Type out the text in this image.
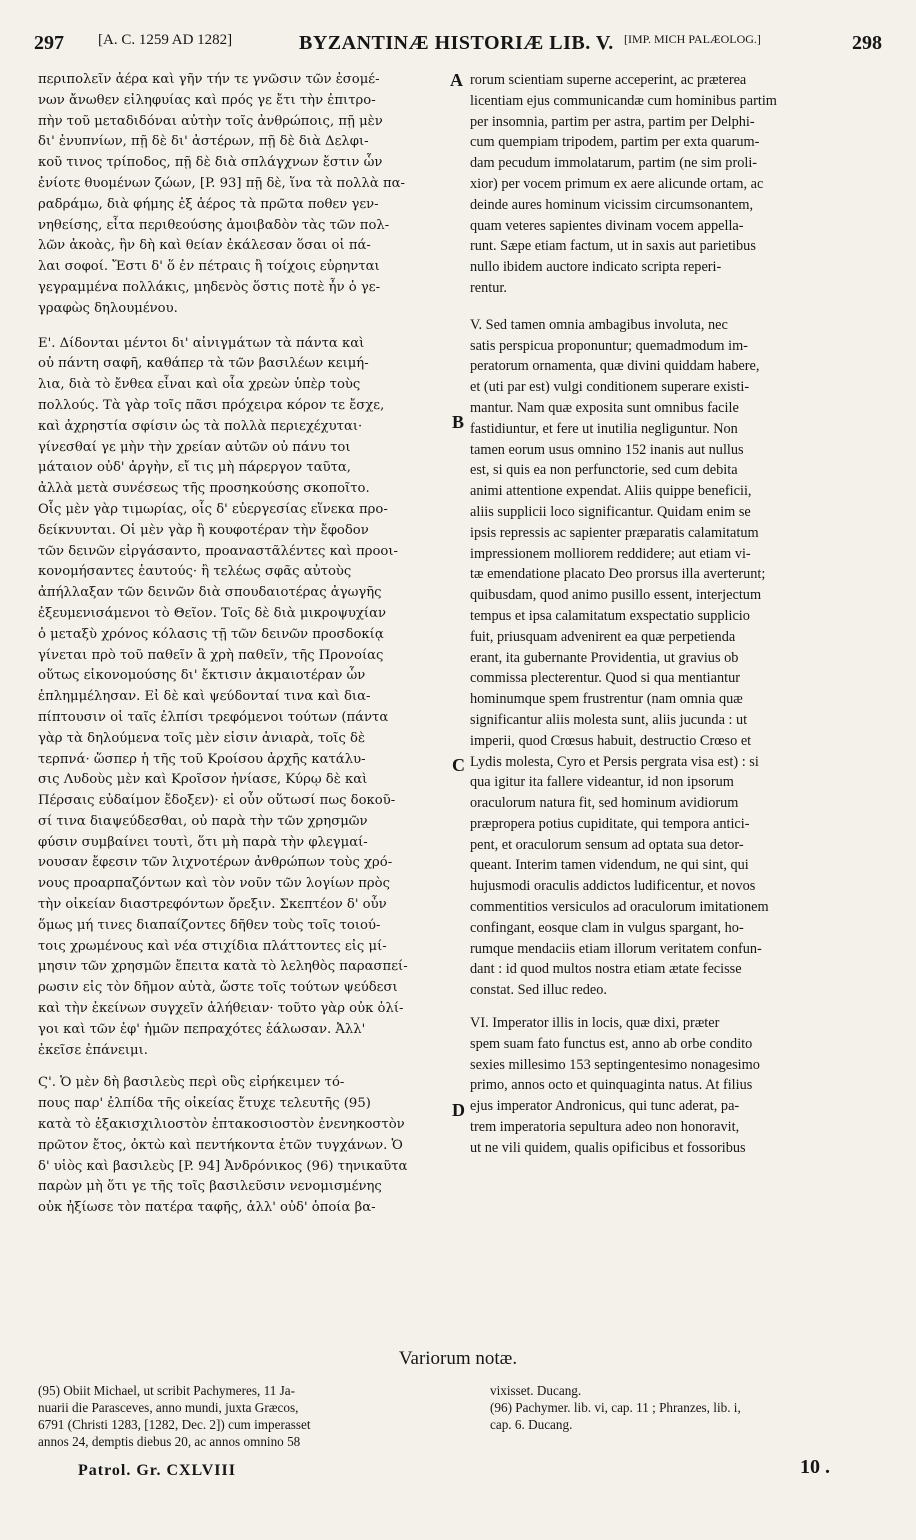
297 [A. C. 1259 AD 1282]	BYZANTINÆ HISTORIÆ LIB. V. [IMP. MICH PALÆOLOG.]	298

περιπολεῖν ἀέρα καὶ γῆν τήν τε γνῶσιν τῶν ἐσομέ-
νων ἄνωθεν εἰληφυίας καὶ πρός γε ἔτι τὴν ἐπιτρο-
πὴν τοῦ μεταδιδόναι αὐτὴν τοῖς ἀνθρώποις, πῇ μὲν
δι' ἐνυπνίων, πῇ δὲ δι' ἀστέρων, πῇ δὲ διὰ Δελφι-
κοῦ τινος τρίποδος, πῇ δὲ διὰ σπλάγχνων ἔστιν ὧν
ἐνίοτε θυομένων ζώων, [P. 93] πῇ δὲ, ἵνα τὰ πολλὰ πα-
ραδράμω, διὰ φήμης ἐξ ἀέρος τὰ πρῶτα ποθεν γεν-
νηθείσης, εἶτα περιθεούσης ἀμοιβαδὸν τὰς τῶν πολ-
λῶν ἀκοὰς, ἣν δὴ καὶ θείαν ἐκάλεσαν ὅσαι οἱ πά-
λαι σοφοί. Ἔστι δ' ὅ ἐν πέτραις ἢ τοίχοις εὑρηνται
γεγραμμένα πολλάκις, μηδενὸς ὅστις ποτὲ ἦν ὁ γε-
γραφὼς δηλουμένου.

Ε'. Δίδονται μέντοι δι' αἰνιγμάτων τὰ πάντα καὶ
οὐ πάντη σαφῆ, καθάπερ τὰ τῶν βασιλέων κειμή-
λια, διὰ τὸ ἔνθεα εἶναι καὶ οἷα χρεὼν ὑπὲρ τοὺς
πολλούς. Τὰ γὰρ τοῖς πᾶσι πρόχειρα κόρον τε ἔσχε,
καὶ ἀχρηστία σφίσιν ὡς τὰ πολλὰ περιεχέχυται·
γίνεσθαί γε μὴν τὴν χρείαν αὐτῶν οὐ πάνυ τοι
μάταιον οὐδ' ἀργὴν, εἴ τις μὴ πάρεργον ταῦτα,
ἀλλὰ μετὰ συνέσεως τῆς προσηκούσης σκοποῖτο.
Οἷς μὲν γὰρ τιμωρίας, οἷς δ' εὐεργεσίας εἵνεκα προ-
δείκνυνται. Οἱ μὲν γὰρ ἢ κουφοτέραν τὴν ἔφοδον
τῶν δεινῶν εἰργάσαντο, προαναστᾶλέντες καὶ προοι-
κονομήσαντες ἑαυτούς· ἢ τελέως σφᾶς αὐτοὺς
ἀπήλλαξαν τῶν δεινῶν διὰ σπουδαιοτέρας ἀγωγῆς
ἐξευμενισάμενοι τὸ Θεῖον. Τοῖς δὲ διὰ μικροψυχίαν
ὁ μεταξὺ χρόνος κόλασις τῇ τῶν δεινῶν προσδοκίᾳ
γίνεται πρὸ τοῦ παθεῖν ἃ χρὴ παθεῖν, τῆς Προνοίας
οὕτως εἰκονομούσης δι' ἔκτισιν ἀκμαιοτέραν ὧν
ἐπλημμέλησαν. Εἰ δὲ καὶ ψεύδονταί τινα καὶ δια-
πίπτουσιν οἱ ταῖς ἐλπίσι τρεφόμενοι τούτων (πάντα
γὰρ τὰ δηλούμενα τοῖς μὲν εἰσιν ἀνιαρὰ, τοῖς δὲ
τερπνά· ὥσπερ ἡ τῆς τοῦ Κροίσου ἀρχῆς κατάλυ-
σις Λυδοὺς μὲν καὶ Κροῖσον ἠνίασε, Κύρῳ δὲ καὶ
Πέρσαις εὐδαίμον ἔδοξεν)· εἰ οὖν οὕτωσί πως δοκοῦ-
σί τινα διαψεύδεσθαι, οὐ παρὰ τὴν τῶν χρησμῶν
φύσιν συμβαίνει τουτὶ, ὅτι μὴ παρὰ τὴν φλεγμαί-
νουσαν ἔφεσιν τῶν λιχνοτέρων ἀνθρώπων τοὺς χρό-
νους προαρπαζόντων καὶ τὸν νοῦν τῶν λογίων πρὸς
τὴν οἰκείαν διαστρεφόντων ὄρεξιν. Σκεπτέον δ' οὖν
ὅμως μή τινες διαπαίζοντες δῆθεν τοὺς τοῖς τοιού-
τοις χρωμένους καὶ νέα στιχίδια πλάττοντες εἰς μί-
μησιν τῶν χρησμῶν ἔπειτα κατὰ τὸ λεληθὸς παρασπεί-
ρωσιν εἰς τὸν δῆμον αὐτὰ, ὥστε τοῖς τούτων ψεύδεσι
καὶ τὴν ἐκείνων συγχεῖν ἀλήθειαν· τοῦτο γὰρ οὐκ ὀλί-
γοι καὶ τῶν ἐφ' ἡμῶν πεπραχότες ἑάλωσαν. Ἀλλ'
ἐκεῖσε ἐπάνειμι.

Ϛ'. Ὁ μὲν δὴ βασιλεὺς περὶ οὓς εἰρήκειμεν τό-
πους παρ' ἐλπίδα τῆς οἰκείας ἔτυχε τελευτῆς (95)
κατὰ τὸ ἑξακισχιλιοστὸν ἑπτακοσιοστὸν ἐνενηκοστὸν
πρῶτον ἔτος, ὀκτὼ καὶ πεντήκοντα ἐτῶν τυγχάνων. Ὁ
δ' υἱὸς καὶ βασιλεὺς [P. 94] Ἀνδρόνικος (96) τηνικαῦτα
παρὼν μὴ ὅτι γε τῆς τοῖς βασιλεῦσιν νενομισμένης
οὐκ ἠξίωσε τὸν πατέρα ταφῆς, ἀλλ' οὐδ' ὁποία βα-

A
B
C
D

rorum scientiam superne acceperint, ac præterea
licentiam ejus communicandæ cum hominibus partim
per insomnia, partim per astra, partim per Delphi-
cum quempiam tripodem, partim per exta quarum-
dam pecudum immolatarum, partim (ne sim proli-
xior) per vocem primum ex aere alicunde ortam, ac
deinde aures hominum vicissim circumsonantem,
quam veteres sapientes divinam vocem appella-
runt. Sæpe etiam factum, ut in saxis aut parietibus
nullo ibidem auctore indicato scripta reperi-
rentur.

V. Sed tamen omnia ambagibus involuta, nec
satis perspicua proponuntur; quemadmodum im-
peratorum ornamenta, quæ divini quiddam habere,
et (uti par est) vulgi conditionem superare existi-
mantur. Nam quæ exposita sunt omnibus facile
fastidiuntur, et fere ut inutilia negliguntur. Non
tamen eorum usus omnino 152 inanis aut nullus
est, si quis ea non perfunctorie, sed cum debita
animi attentione expendat. Aliis quippe beneficii,
aliis supplicii loco significantur. Quidam enim se
ipsis repressis ac sapienter præparatis calamitatum
impressionem molliorem reddidere; aut etiam vi-
tæ emendatione placato Deo prorsus illa averterunt;
quibusdam, quod animo pusillo essent, interjectum
tempus et ipsa calamitatum exspectatio supplicio
fuit, priusquam advenirent ea quæ perpetienda
erant, ita gubernante Providentia, ut gravius ob
commissa plecterentur. Quod si qua mentiantur
hominumque spem frustrentur (nam omnia quæ
significantur aliis molesta sunt, aliis jucunda : ut
imperii, quod Crœsus habuit, destructio Crœso et
Lydis molesta, Cyro et Persis pergrata visa est) : si
qua igitur ita fallere videantur, id non ipsorum
oraculorum natura fit, sed hominum avidiorum
præpropera potius cupiditate, qui tempora antici-
pent, et oraculorum sensum ad optata sua detor-
queant. Interim tamen videndum, ne qui sint, qui
hujusmodi oraculis addictos ludificentur, et novos
commentitios versiculos ad oraculorum imitationem
confingant, eosque clam in vulgus spargant, ho-
rumque mendaciis etiam illorum veritatem confun-
dant : id quod multos nostra etiam ætate fecisse
constat. Sed illuc redeo.

VI. Imperator illis in locis, quæ dixi, præter
spem suam fato functus est, anno ab orbe condito
sexies millesimo 153 septingentesimo nonagesimo
primo, annos octo et quinquaginta natus. At filius
ejus imperator Andronicus, qui tunc aderat, pa-
trem imperatoria sepultura adeo non honoravit,
ut ne vili quidem, qualis opificibus et fossoribus

Variorum notæ.
(95) Obiit Michael, ut scribit Pachymeres, 11 Ja-
nuarii die Parasceves, anno mundi, juxta Græcos,
6791 (Christi 1283, [1282, Dec. 2]) cum imperasset
annos 24, demptis diebus 20, ac annos omnino 58
vixisset. Ducang.
(96) Pachymer. lib. vi, cap. 11 ; Phranzes, lib. i,
cap. 6. Ducang.
Patrol. Gr. CXLVIII	10 .
